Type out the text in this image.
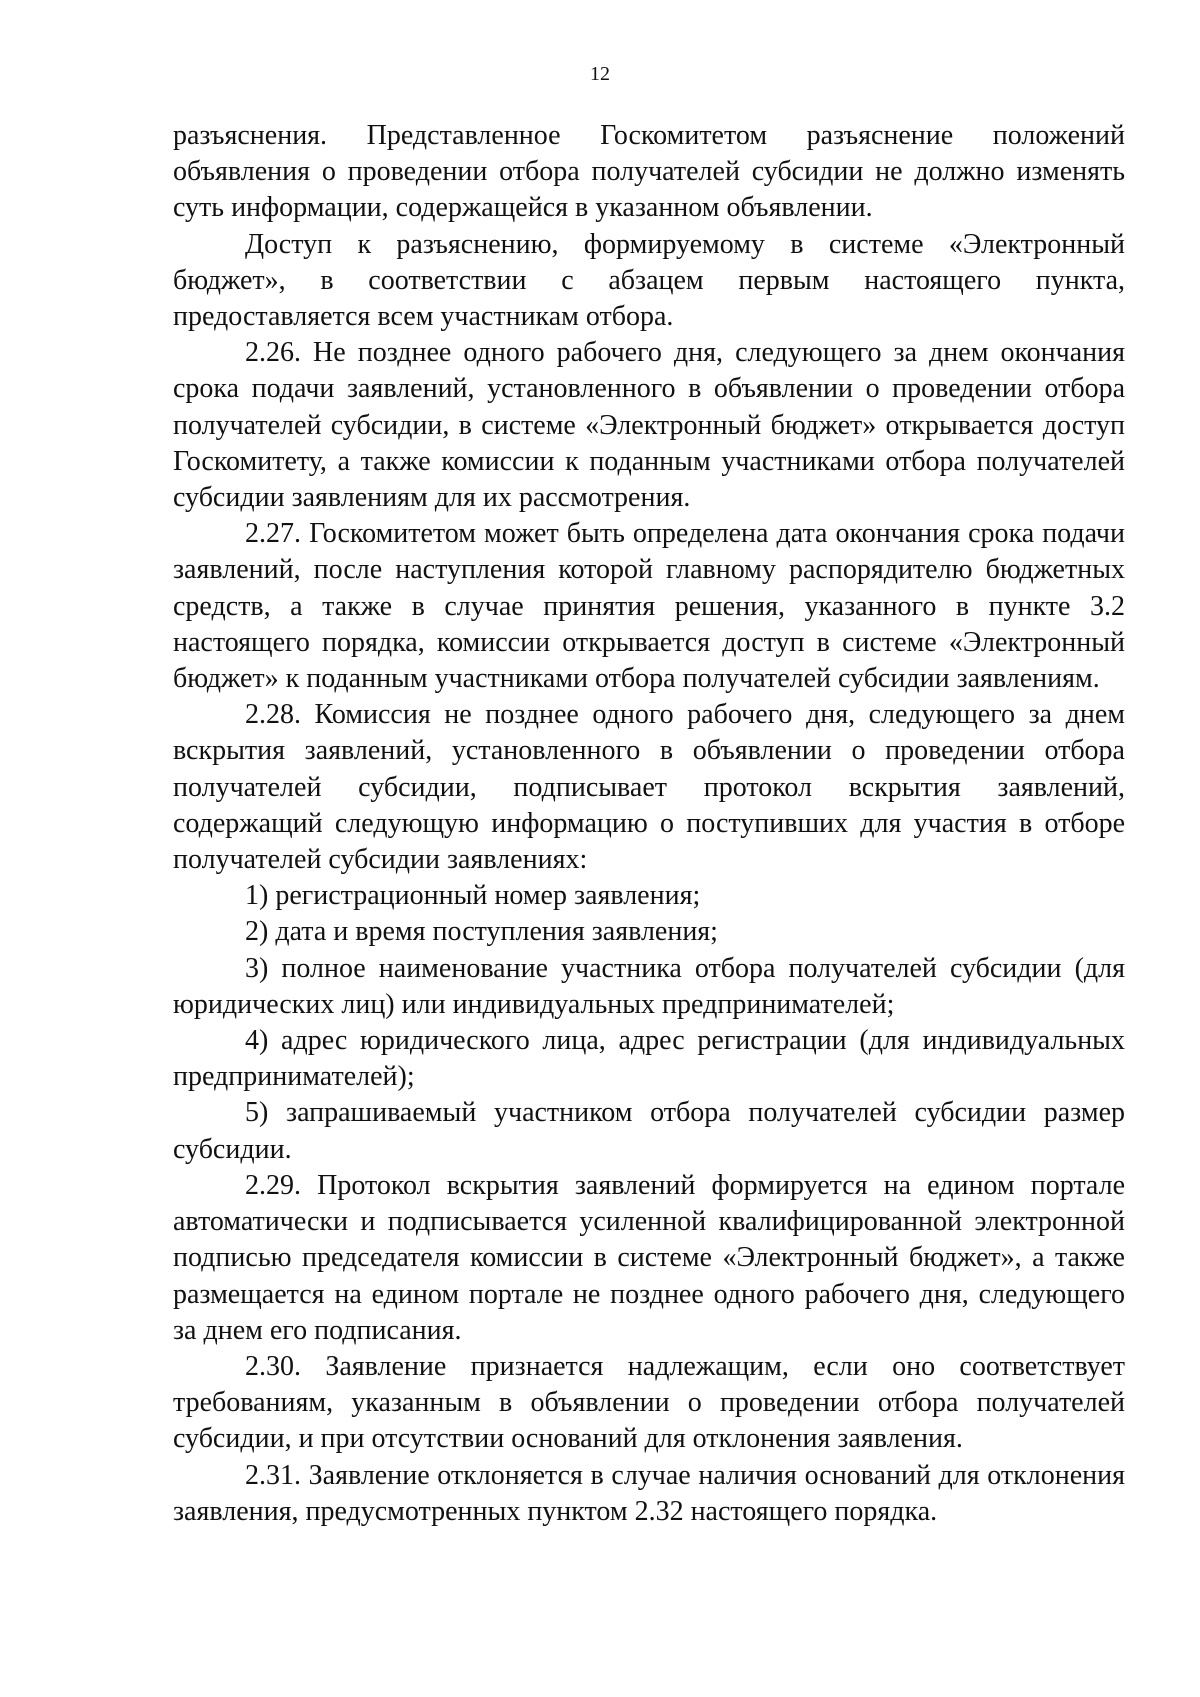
12

разъяснения. Представленное Госкомитетом разъяснение положений объявления о проведении отбора получателей субсидии не должно изменять суть информации, содержащейся в указанном объявлении.

Доступ к разъяснению, формируемому в системе «Электронный бюджет», в соответствии с абзацем первым настоящего пункта, предоставляется всем участникам отбора.

2.26. Не позднее одного рабочего дня, следующего за днем окончания срока подачи заявлений, установленного в объявлении о проведении отбора получателей субсидии, в системе «Электронный бюджет» открывается доступ Госкомитету, а также комиссии к поданным участниками отбора получателей субсидии заявлениям для их рассмотрения.

2.27. Госкомитетом может быть определена дата окончания срока подачи заявлений, после наступления которой главному распорядителю бюджетных средств, а также в случае принятия решения, указанного в пункте 3.2 настоящего порядка, комиссии открывается доступ в системе «Электронный бюджет» к поданным участниками отбора получателей субсидии заявлениям.

2.28. Комиссия не позднее одного рабочего дня, следующего за днем вскрытия заявлений, установленного в объявлении о проведении отбора получателей субсидии, подписывает протокол вскрытия заявлений, содержащий следующую информацию о поступивших для участия в отборе получателей субсидии заявлениях:

1) регистрационный номер заявления;

2) дата и время поступления заявления;

3) полное наименование участника отбора получателей субсидии (для юридических лиц) или индивидуальных предпринимателей;

4) адрес юридического лица, адрес регистрации (для индивидуальных предпринимателей);

5) запрашиваемый участником отбора получателей субсидии размер субсидии.

2.29. Протокол вскрытия заявлений формируется на едином портале автоматически и подписывается усиленной квалифицированной электронной подписью председателя комиссии в системе «Электронный бюджет», а также размещается на едином портале не позднее одного рабочего дня, следующего за днем его подписания.

2.30. Заявление признается надлежащим, если оно соответствует требованиям, указанным в объявлении о проведении отбора получателей субсидии, и при отсутствии оснований для отклонения заявления.

2.31. Заявление отклоняется в случае наличия оснований для отклонения заявления, предусмотренных пунктом 2.32 настоящего порядка.
